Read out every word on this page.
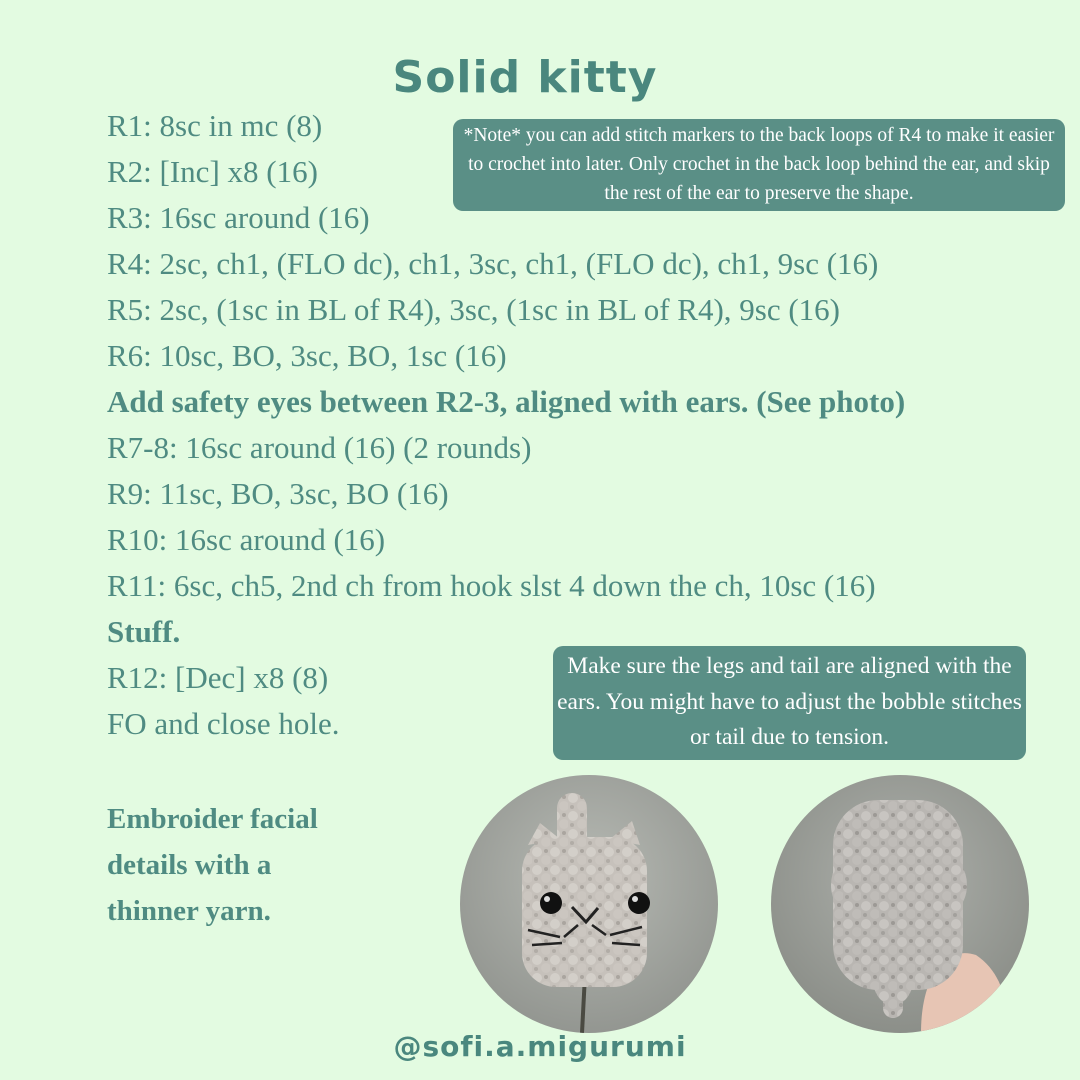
Solid kitty
R1: 8sc in mc (8)
R2: [Inc] x8 (16)
R3: 16sc around (16)
R4: 2sc, ch1, (FLO dc), ch1, 3sc, ch1, (FLO dc), ch1, 9sc (16)
R5: 2sc, (1sc in BL of R4), 3sc, (1sc in BL of R4), 9sc (16)
R6: 10sc, BO, 3sc, BO, 1sc (16)
Add safety eyes between R2-3, aligned with ears. (See photo)
R7-8: 16sc around (16) (2 rounds)
R9: 11sc, BO, 3sc, BO (16)
R10: 16sc around (16)
R11: 6sc, ch5, 2nd ch from hook slst 4 down the ch, 10sc (16)
Stuff.
R12: [Dec] x8 (8)
FO and close hole.
*Note* you can add stitch markers to the back loops of R4 to make it easier to crochet into later. Only crochet in the back loop behind the ear, and skip the rest of the ear to preserve the shape.
Make sure the legs and tail are aligned with the ears. You might have to adjust the bobble stitches or tail due to tension.
Embroider facial
details with a
thinner yarn.
@sofi.a.migurumi
